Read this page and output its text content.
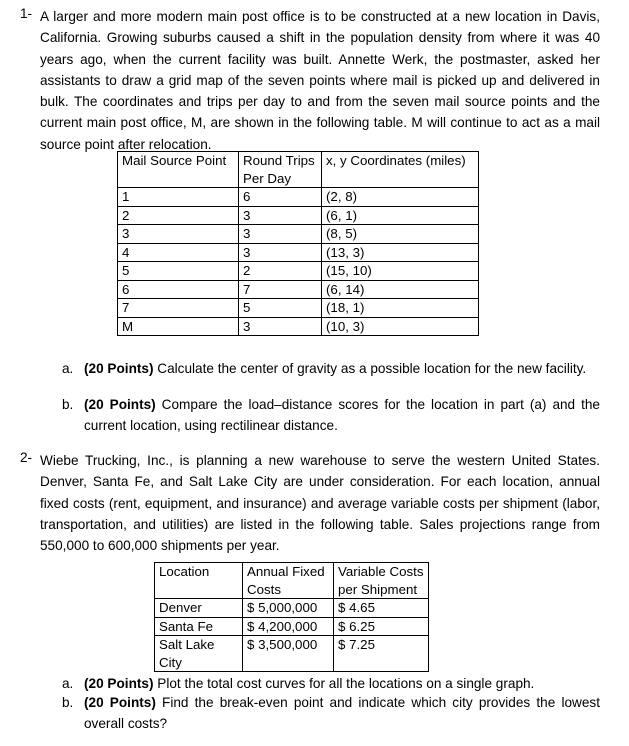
1- A larger and more modern main post office is to be constructed at a new location in Davis, California. Growing suburbs caused a shift in the population density from where it was 40 years ago, when the current facility was built. Annette Werk, the postmaster, asked her assistants to draw a grid map of the seven points where mail is picked up and delivered in bulk. The coordinates and trips per day to and from the seven mail source points and the current main post office, M, are shown in the following table. M will continue to act as a mail source point after relocation.
Mail Source Point	Round Trips Per Day	x, y Coordinates (miles)
1	6	(2, 8)
2	3	(6, 1)
3	3	(8, 5)
4	3	(13, 3)
5	2	(15, 10)
6	7	(6, 14)
7	5	(18, 1)
M	3	(10, 3)
a. (20 Points) Calculate the center of gravity as a possible location for the new facility.
b. (20 Points) Compare the load–distance scores for the location in part (a) and the current location, using rectilinear distance.
2- Wiebe Trucking, Inc., is planning a new warehouse to serve the western United States. Denver, Santa Fe, and Salt Lake City are under consideration. For each location, annual fixed costs (rent, equipment, and insurance) and average variable costs per shipment (labor, transportation, and utilities) are listed in the following table. Sales projections range from 550,000 to 600,000 shipments per year.
Location	Annual Fixed Costs	Variable Costs per Shipment
Denver	$ 5,000,000	$ 4.65
Santa Fe	$ 4,200,000	$ 6.25
Salt Lake City	$ 3,500,000	$ 7.25
a. (20 Points) Plot the total cost curves for all the locations on a single graph.
b. (20 Points) Find the break-even point and indicate which city provides the lowest overall costs?
